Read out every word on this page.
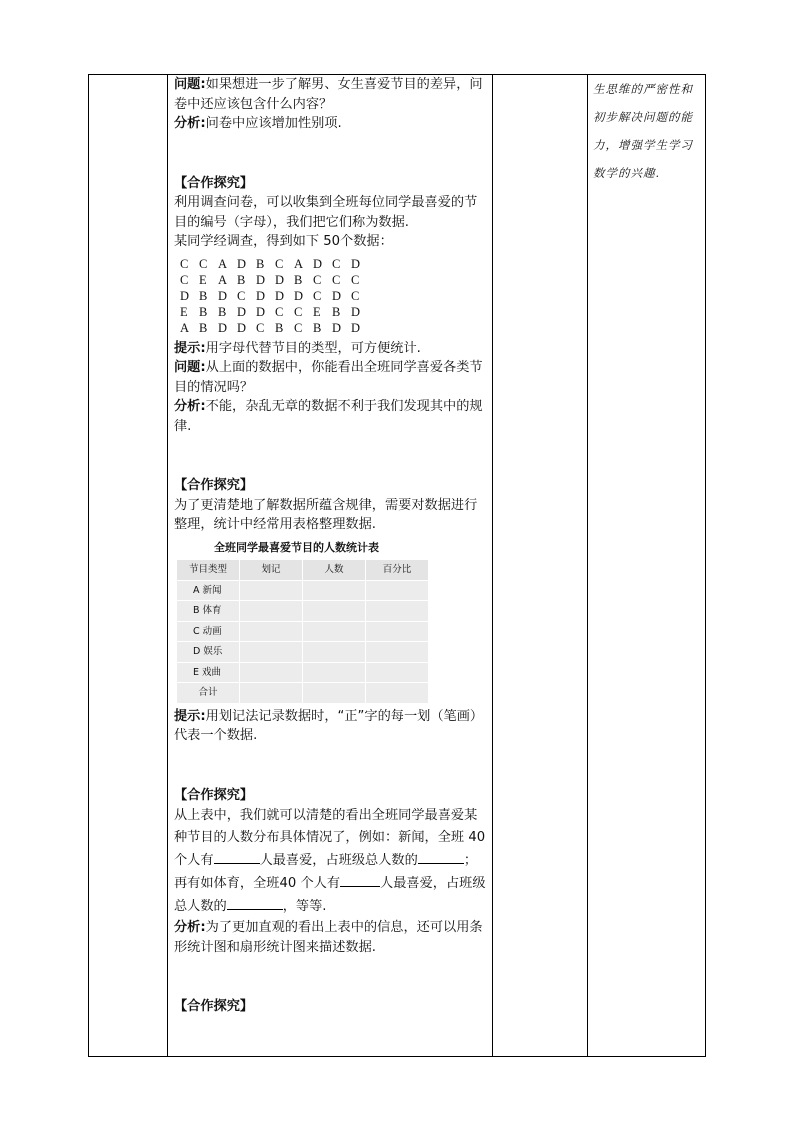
问题:如果想进一步了解男、女生喜爱节目的差异，问卷中还应该包含什么内容？

分析:问卷中应该增加性别项.

【合作探究】

利用调查问卷，可以收集到全班每位同学最喜爱的节目的编号（字母），我们把它们称为数据.

某同学经调查，得到如下 50个数据：

C C A D B C A D C D
C E A B D D B C C C
D B D C D D D C D C
E B B D D C C E B D
A B D D C B C B D D

提示:用字母代替节目的类型，可方便统计.

问题:从上面的数据中，你能看出全班同学喜爱各类节目的情况吗？

分析:不能，杂乱无章的数据不利于我们发现其中的规律.

【合作探究】

为了更清楚地了解数据所蕴含规律，需要对数据进行整理，统计中经常用表格整理数据.

全班同学最喜爱节目的人数统计表
节目类型	划记	人数	百分比
A 新闻			
B 体育			
C 动画			
D 娱乐			
E 戏曲			
合计			

提示:用划记法记录数据时，“正”字的每一划（笔画）代表一个数据.

【合作探究】

从上表中，我们就可以清楚的看出全班同学最喜爱某种节目的人数分布具体情况了，例如：新闻，全班 40 个人有	人最喜爱，占班级总人数的	；再有如体育，全班40 个人有	人最喜爱，占班级总人数的	，等等.

分析:为了更加直观的看出上表中的信息，还可以用条形统计图和扇形统计图来描述数据.

【合作探究】

生思维的严密性和初步解决问题的能力，增强学生学习数学的兴趣.
